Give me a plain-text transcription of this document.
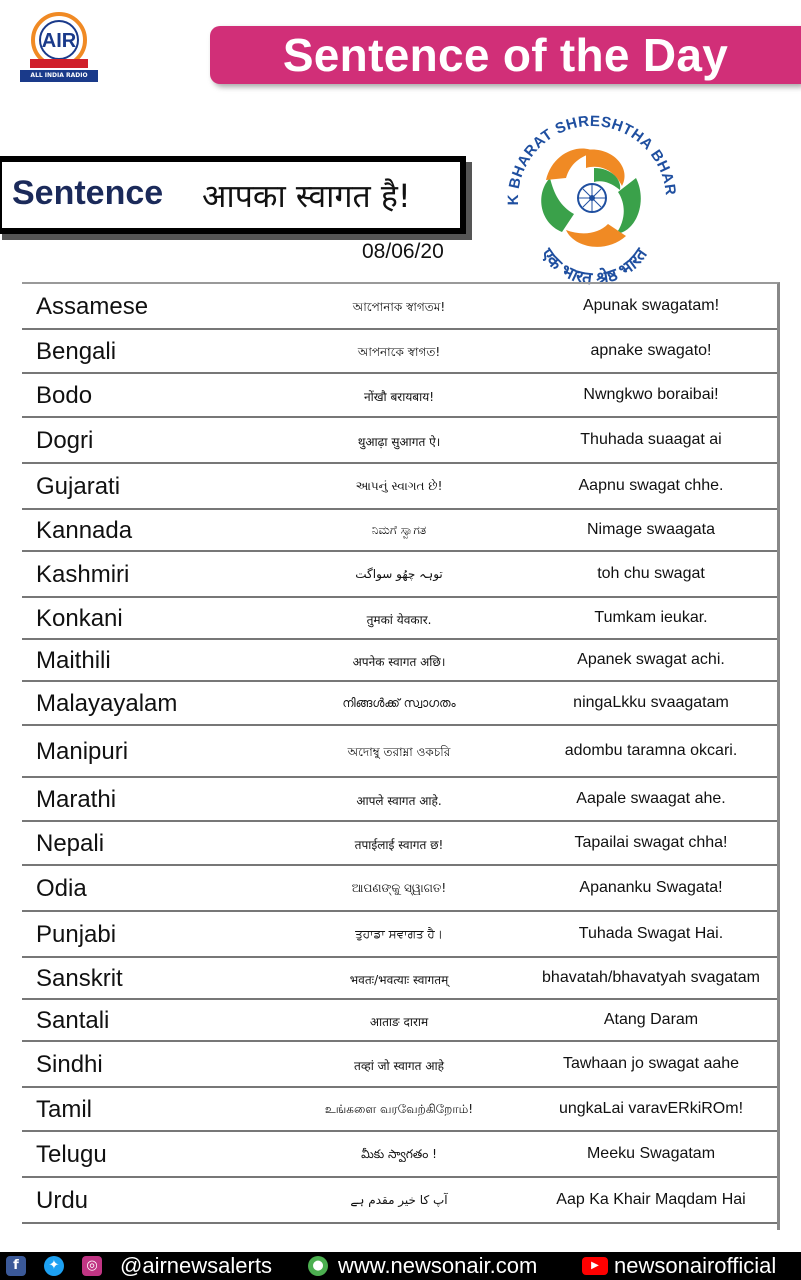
AIR
ALL INDIA RADIO NEWS
Sentence of the Day
Sentence आपका स्वागत है!
08/06/20
K BHARAT SHRESHTHA BHAR
एक भारत श्रेष्ठ भारत
Assamese	আপোনাক স্বাগতম!	Apunak swagatam!
Bengali	আপনাকে স্বাগত!	apnake swagato!
Bodo	नोंखौ बरायबाय!	Nwngkwo boraibai!
Dogri	थुआढ़ा सुआगत ऐ।	Thuhada suaagat ai
Gujarati	આપનું સ્વાગત છે!	Aapnu swagat chhe.
Kannada	ನಿಮಗೆ ಸ್ವಾಗತ	Nimage swaagata
Kashmiri	توہہ چھُو سواگت	toh chu swagat
Konkani	तुमकां येवकार.	Tumkam ieukar.
Maithili	अपनेक स्वागत अछि।	Apanek swagat achi.
Malayayalam	നിങ്ങൾക്ക് സ്വാഗതം	ningaLkku svaagatam
Manipuri	অদোম্বু তরাম্না ওকচরি	adombu taramna okcari.
Marathi	आपले स्वागत आहे.	Aapale swaagat ahe.
Nepali	तपाईलाई स्वागत छ!	Tapailai swagat chha!
Odia	ଆପଣଙ୍କୁ ସ୍ୱାଗତ!	Apananku Swagata!
Punjabi	ਤੁਹਾਡਾ ਸਵਾਗਤ ਹੈ।	Tuhada Swagat Hai.
Sanskrit	भवतः/भवत्याः स्वागतम्	bhavatah/bhavatyah svagatam
Santali	आताङ दाराम	Atang Daram
Sindhi	तव्हां जो स्वागत आहे	Tawhaan jo swagat aahe
Tamil	உங்களை வரவேற்கிறோம்!	ungkaLai varavERkiROm!
Telugu	మీకు స్వాగతం !	Meeku Swagatam
Urdu	آپ کا خیر مقدم ہے	Aap Ka Khair Maqdam Hai
f	✦	◎ @airnewsalerts	● www.newsonair.com	▶ newsonairofficial
